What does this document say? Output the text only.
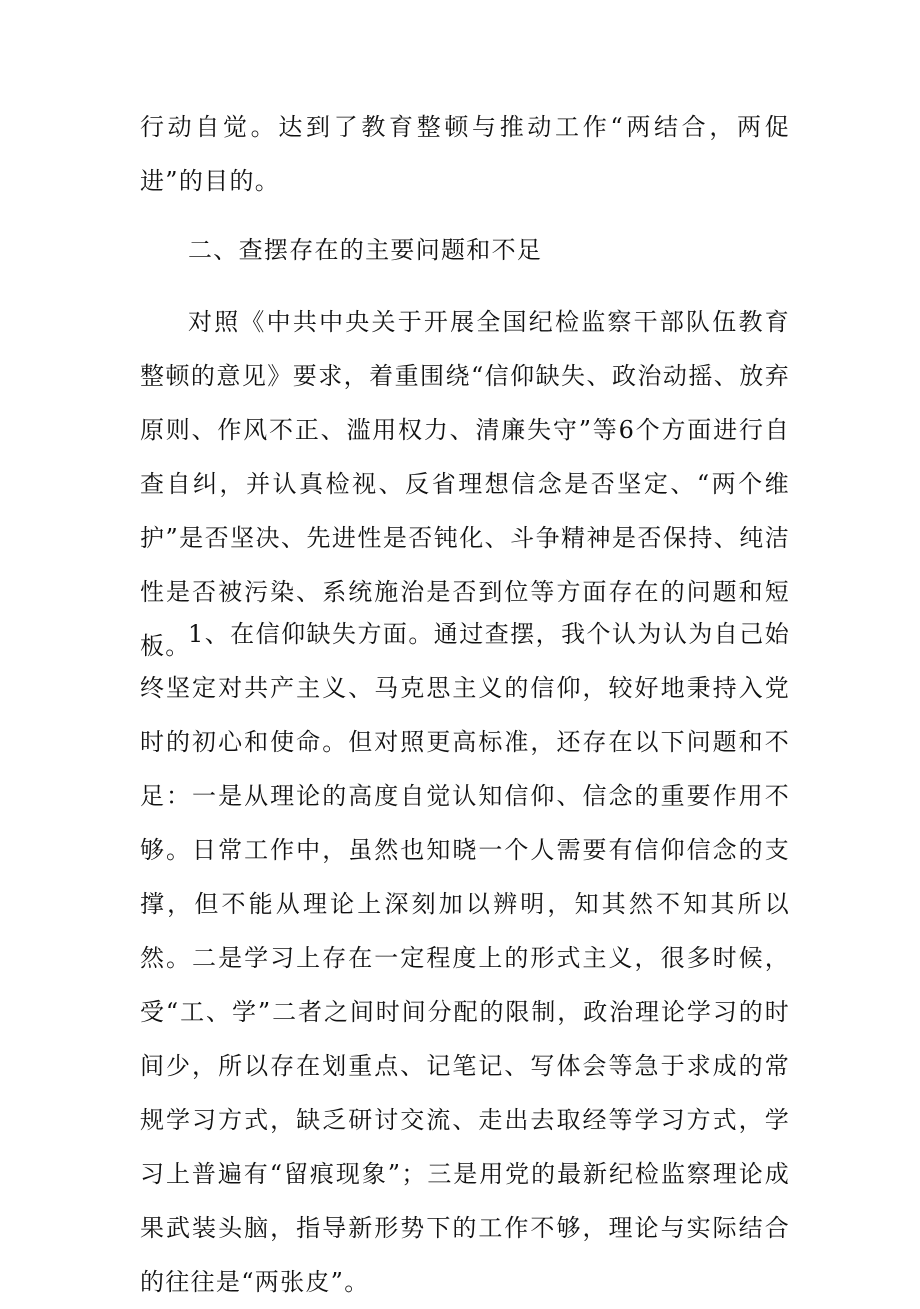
行动自觉。达到了教育整顿与推动工作“两结合，两促进”的目的。

二、查摆存在的主要问题和不足

对照《中共中央关于开展全国纪检监察干部队伍教育整顿的意见》要求，着重围绕“信仰缺失、政治动摇、放弃原则、作风不正、滥用权力、清廉失守”等6个方面进行自查自纠，并认真检视、反省理想信念是否坚定、“两个维护”是否坚决、先进性是否钝化、斗争精神是否保持、纯洁性是否被污染、系统施治是否到位等方面存在的问题和短板。

1、在信仰缺失方面。通过查摆，我个认为认为自己始终坚定对共产主义、马克思主义的信仰，较好地秉持入党时的初心和使命。但对照更高标准，还存在以下问题和不足：一是从理论的高度自觉认知信仰、信念的重要作用不够。日常工作中，虽然也知晓一个人需要有信仰信念的支撑，但不能从理论上深刻加以辨明，知其然不知其所以然。二是学习上存在一定程度上的形式主义，很多时候，受“工、学”二者之间时间分配的限制，政治理论学习的时间少，所以存在划重点、记笔记、写体会等急于求成的常规学习方式，缺乏研讨交流、走出去取经等学习方式，学习上普遍有“留痕现象”；三是用党的最新纪检监察理论成果武装头脑，指导新形势下的工作不够，理论与实际结合的往往是“两张皮”。
